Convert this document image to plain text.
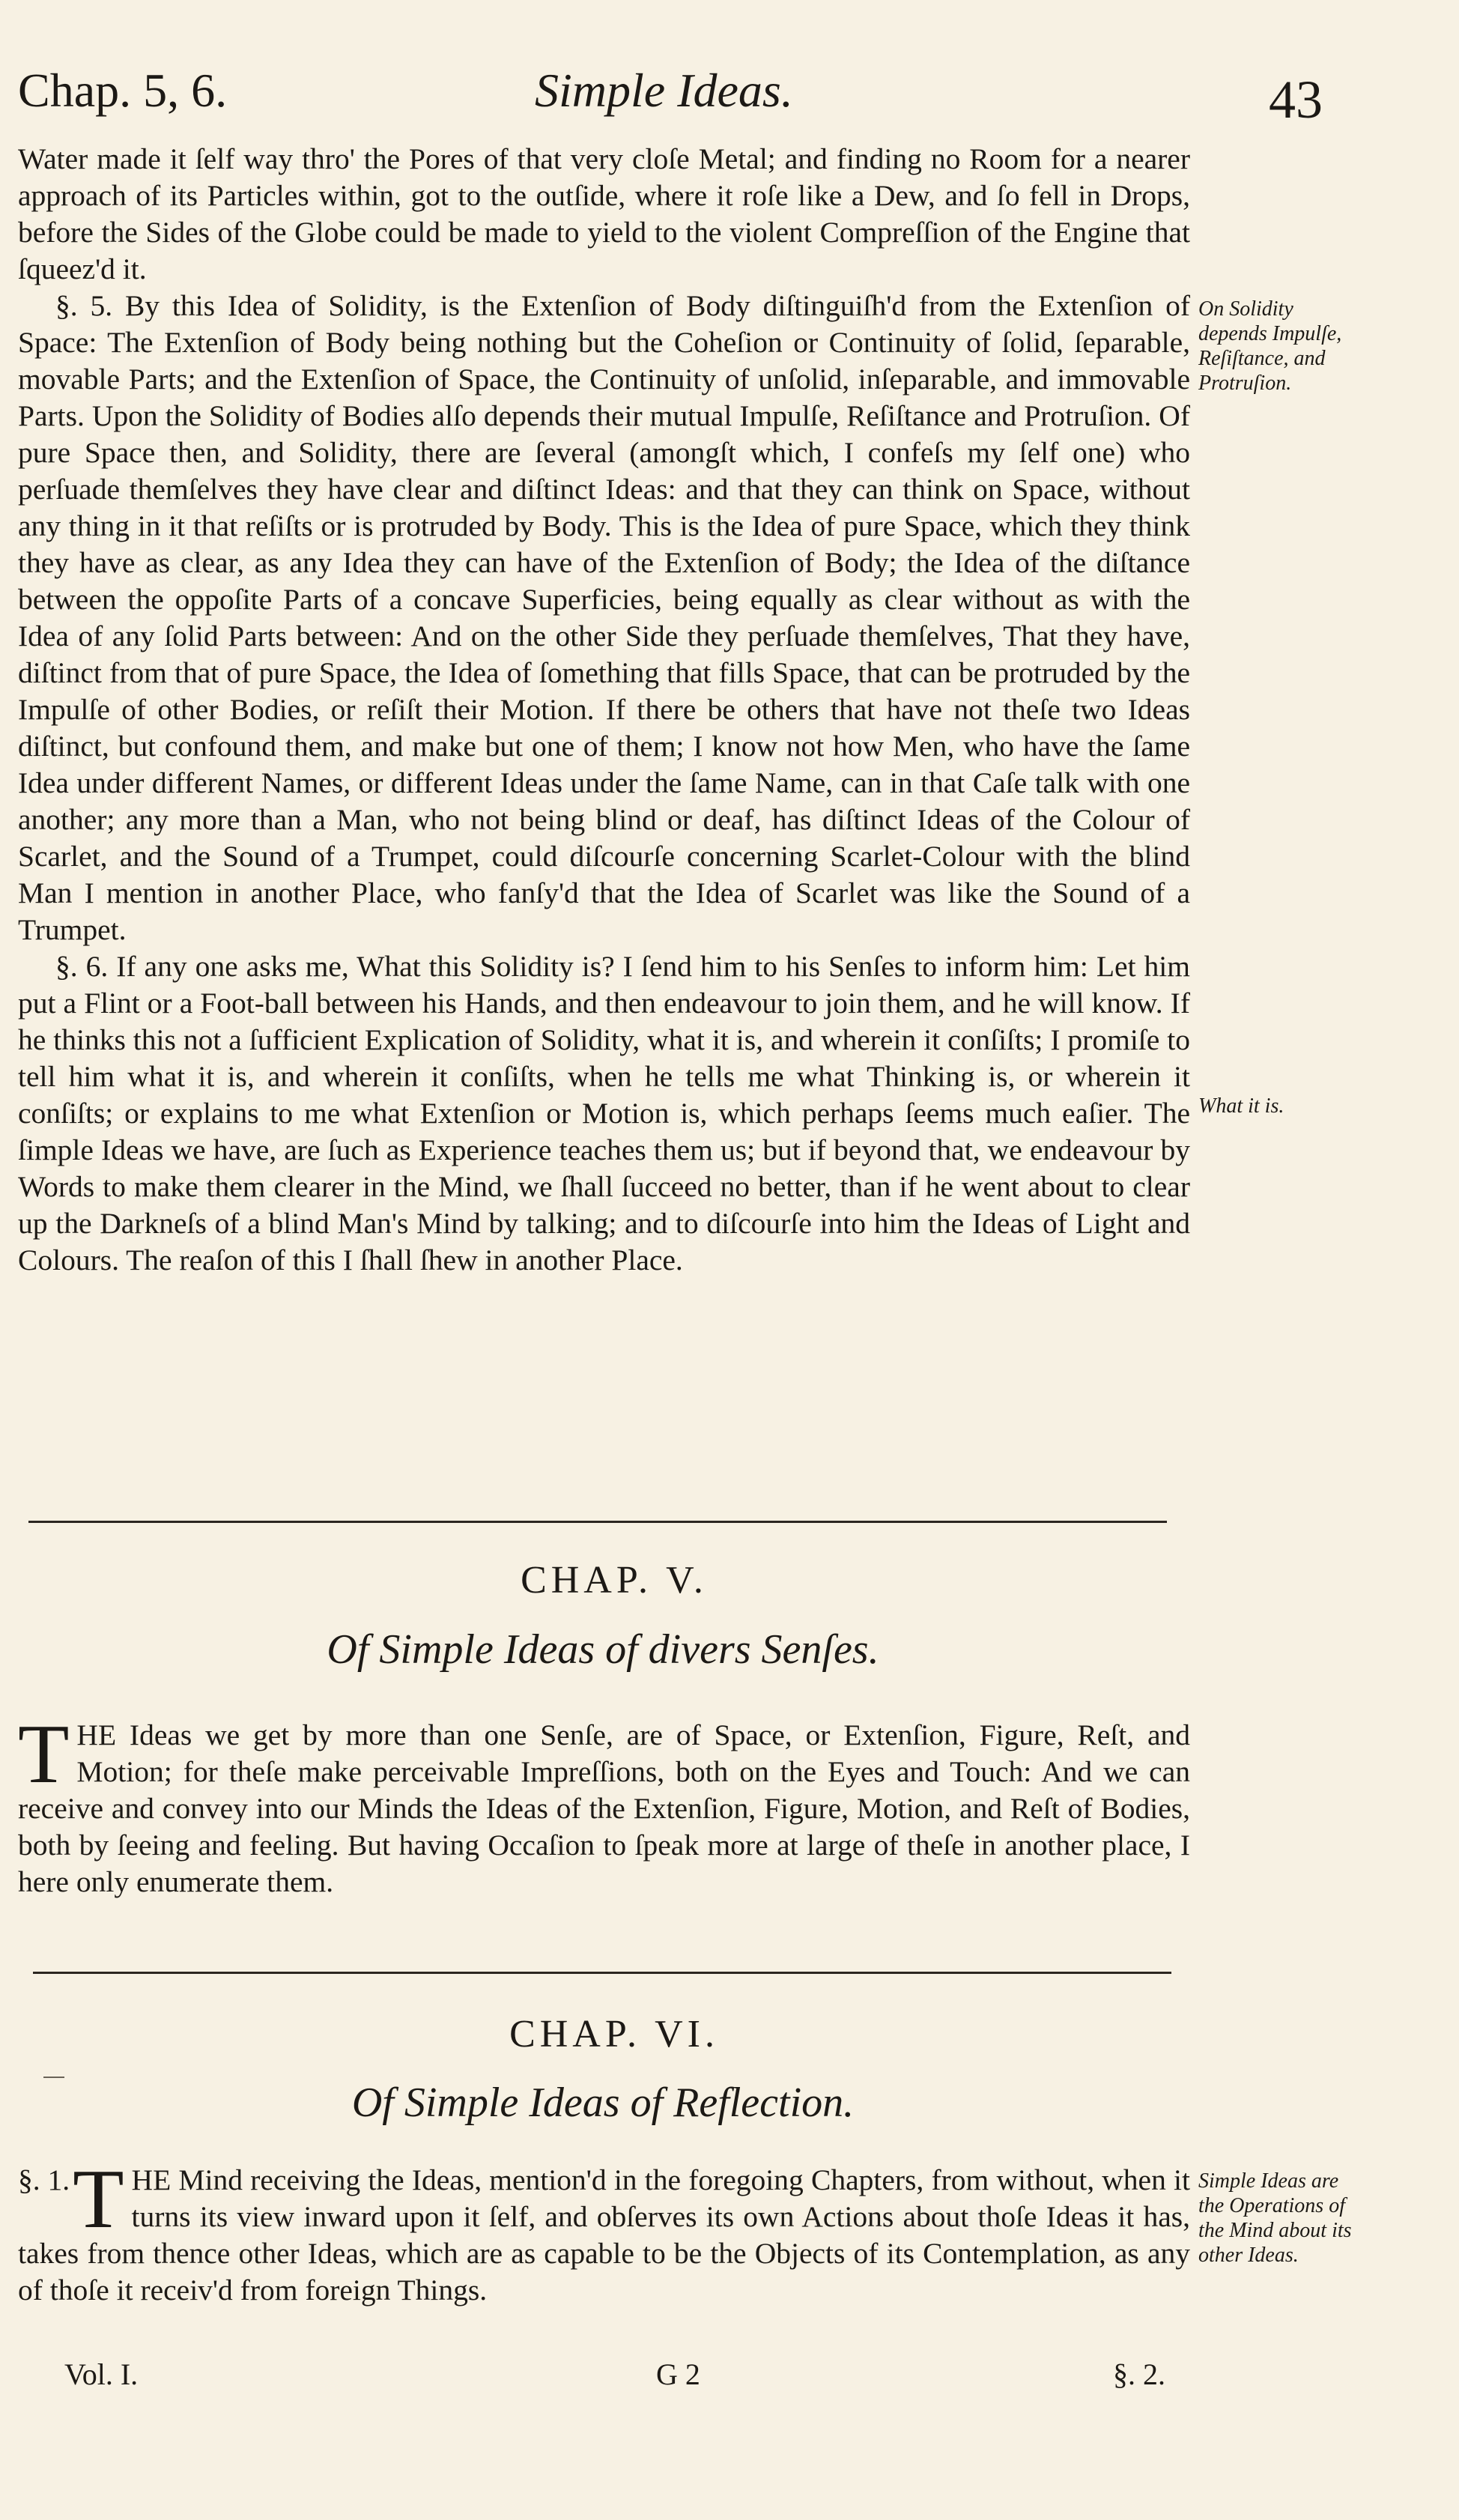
Chap. 5, 6.	Simple Ideas.	43

Water made it ſelf way thro' the Pores of that very cloſe Metal; and finding no Room for a nearer approach of its Particles within, got to the outſide, where it roſe like a Dew, and ſo fell in Drops, before the Sides of the Globe could be made to yield to the violent Compreſſion of the Engine that ſqueez'd it.

§. 5. By this Idea of Solidity, is the Extenſion of Body diſtinguiſh'd from the Extenſion of Space: The Extenſion of Body being nothing but the Coheſion or Continuity of ſolid, ſeparable, movable Parts; and the Extenſion of Space, the Continuity of unſolid, inſeparable, and immovable Parts. Upon the Solidity of Bodies alſo depends their mutual Impulſe, Reſiſtance and Protruſion. Of pure Space then, and Solidity, there are ſeveral (amongſt which, I confeſs my ſelf one) who perſuade themſelves they have clear and diſtinct Ideas: and that they can think on Space, without any thing in it that reſiſts or is protruded by Body. This is the Idea of pure Space, which they think they have as clear, as any Idea they can have of the Extenſion of Body; the Idea of the diſtance between the oppoſite Parts of a concave Superficies, being equally as clear without as with the Idea of any ſolid Parts between: And on the other Side they perſuade themſelves, That they have, diſtinct from that of pure Space, the Idea of ſomething that fills Space, that can be protruded by the Impulſe of other Bodies, or reſiſt their Motion. If there be others that have not theſe two Ideas diſtinct, but confound them, and make but one of them; I know not how Men, who have the ſame Idea under different Names, or different Ideas under the ſame Name, can in that Caſe talk with one another; any more than a Man, who not being blind or deaf, has diſtinct Ideas of the Colour of Scarlet, and the Sound of a Trumpet, could diſcourſe concerning Scarlet-Colour with the blind Man I mention in another Place, who fanſy'd that the Idea of Scarlet was like the Sound of a Trumpet.

§. 6. If any one asks me, What this Solidity is? I ſend him to his Senſes to inform him: Let him put a Flint or a Foot-ball between his Hands, and then endeavour to join them, and he will know. If he thinks this not a ſufficient Explication of Solidity, what it is, and wherein it conſiſts; I promiſe to tell him what it is, and wherein it conſiſts, when he tells me what Thinking is, or wherein it conſiſts; or explains to me what Extenſion or Motion is, which perhaps ſeems much eaſier. The ſimple Ideas we have, are ſuch as Experience teaches them us; but if beyond that, we endeavour by Words to make them clearer in the Mind, we ſhall ſucceed no better, than if he went about to clear up the Darkneſs of a blind Man's Mind by talking; and to diſcourſe into him the Ideas of Light and Colours. The reaſon of this I ſhall ſhew in another Place.

On Solidity depends Impulſe, Reſiſtance, and Protruſion.
What it is.
CHAP. V.
Of Simple Ideas of divers Senſes.
THE Ideas we get by more than one Senſe, are of Space, or Extenſion, Figure, Reſt, and Motion; for theſe make perceivable Impreſſions, both on the Eyes and Touch: And we can receive and convey into our Minds the Ideas of the Extenſion, Figure, Motion, and Reſt of Bodies, both by ſeeing and feeling. But having Occaſion to ſpeak more at large of theſe in another place, I here only enumerate them.
CHAP. VI.
Of Simple Ideas of Reflection.
§. 1. T HE Mind receiving the Ideas, mention'd in the foregoing Chapters, from without, when it turns its view inward upon it ſelf, and obſerves its own Actions about thoſe Ideas it has, takes from thence other Ideas, which are as capable to be the Objects of its Contemplation, as any of thoſe it receiv'd from foreign Things.
Simple Ideas are the Operations of the Mind about its other Ideas.
Vol. I.	G 2	§. 2.
